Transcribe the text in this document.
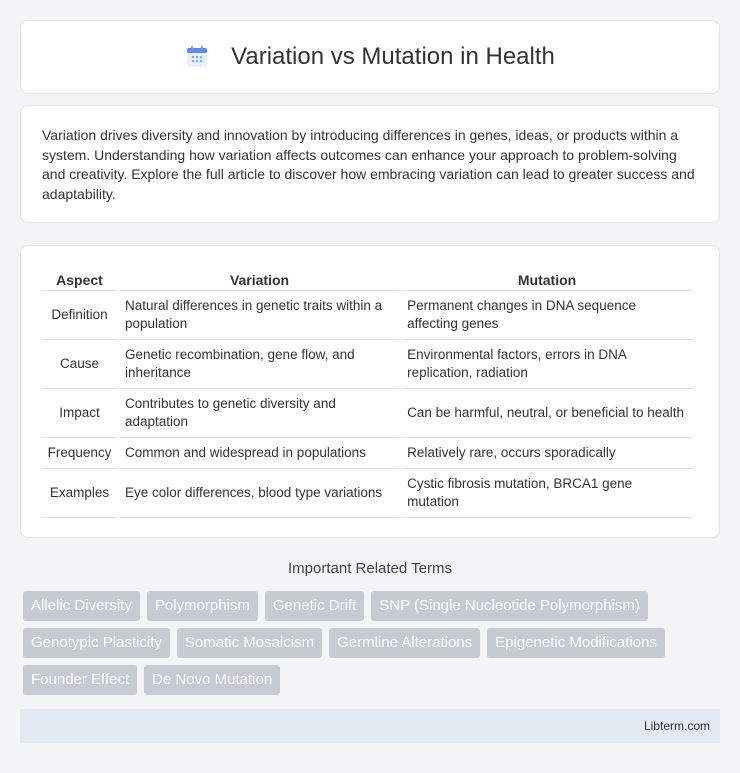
Variation vs Mutation in Health

Variation drives diversity and innovation by introducing differences in genes, ideas, or products within a system. Understanding how variation affects outcomes can enhance your approach to problem-solving and creativity. Explore the full article to discover how embracing variation can lead to greater success and adaptability.

Aspect	Variation	Mutation
Definition	Natural differences in genetic traits within a population	Permanent changes in DNA sequence affecting genes
Cause	Genetic recombination, gene flow, and inheritance	Environmental factors, errors in DNA replication, radiation
Impact	Contributes to genetic diversity and adaptation	Can be harmful, neutral, or beneficial to health
Frequency	Common and widespread in populations	Relatively rare, occurs sporadically
Examples	Eye color differences, blood type variations	Cystic fibrosis mutation, BRCA1 gene mutation
Important Related Terms
Allelic Diversity	Polymorphism	Genetic Drift	SNP (Single Nucleotide Polymorphism)
Genotypic Plasticity	Somatic Mosaicism	Germline Alterations	Epigenetic Modifications
Founder Effect	De Novo Mutation
Libterm.com
